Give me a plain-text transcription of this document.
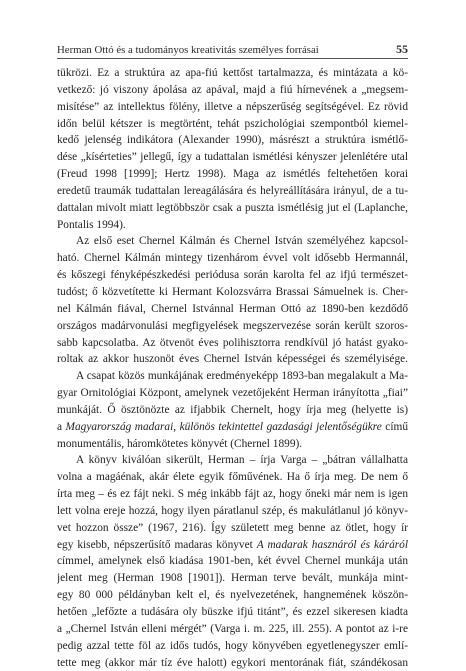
Herman Ottó és a tudományos kreativitás személyes forrásai	55
tükrözi. Ez a struktúra az apa-fiú kettőst tartalmazza, és mintázata a kö-
vetkező: jó viszony ápolása az apával, majd a fiú hírnevének a „megsem-
misítése” az intellektus fölény, illetve a népszerűség segítségével. Ez rövid
időn belül kétszer is megtörtént, tehát pszichológiai szempontból kiemel-
kedő jelenség indikátora (Alexander 1990), másrészt a struktúra ismétlő-
dése „kísérteties” jellegű, így a tudattalan ismétlési kényszer jelenlétére utal
(Freud 1998 [1999]; Hertz 1998). Maga az ismétlés feltehetően korai
eredetű traumák tudattalan lereagálására és helyreállítására irányul, de a tu-
dattalan mivolt miatt legtöbbször csak a puszta ismétlésig jut el (Laplanche,
Pontalis 1994).
Az első eset Chernel Kálmán és Chernel István személyéhez kapcsol-
ható. Chernel Kálmán mintegy tizenhárom évvel volt idősebb Hermannál,
és kőszegi fényképészkedési periódusa során karolta fel az ifjú természet-
tudóst; ő közvetítette ki Hermant Kolozsvárra Brassai Sámuelnek is. Cher-
nel Kálmán fiával, Chernel Istvánnal Herman Ottó az 1890-ben kezdődő
országos madárvonulási megfigyelések megszervezése során került szoros-
sabb kapcsolatba. Az ötvenöt éves polihisztorra rendkívül jó hatást gyako-
roltak az akkor huszonöt éves Chernel István képességei és személyisége.
A csapat közös munkájának eredményeképp 1893-ban megalakult a Ma-
gyar Ornitológiai Központ, amelynek vezetőjeként Herman irányította „fiai”
munkáját. Ő ösztönözte az ifjabbik Chernelt, hogy írja meg (helyette is)
a Magyarország madarai, különös tekintettel gazdasági jelentőségükre című
monumentális, háromkötetes könyvét (Chernel 1899).
A könyv kiválóan sikerült, Herman – írja Varga – „bátran vállalhatta
volna a magáénak, akár élete egyik főművének. Ha ő írja meg. De nem ő
írta meg – és ez fájt neki. S még inkább fájt az, hogy őneki már nem is igen
lett volna ereje hozzá, hogy ilyen páratlanul szép, és makulátlanul jó könyv-
vet hozzon össze” (1967, 216). Így született meg benne az ötlet, hogy ír
egy kisebb, népszerűsítő madaras könyvet A madarak hasznáról és káráról
címmel, amelynek első kiadása 1901-ben, két évvel Chernel munkája után
jelent meg (Herman 1908 [1901]). Herman terve bevált, munkája mint-
egy 80 000 példányban kelt el, és nyelvezetének, hangnemének köszön-
hetően „lefőzte a tudására oly büszke ifjú titánt”, és ezzel sikeresen kiadta
a „Chernel István elleni mérgét” (Varga i. m. 225, ill. 255). A pontot az i-re
pedig azzal tette föl az idős tudós, hogy könyvében egyetlenegyszer emlí-
tette meg (akkor már tíz éve halott) egykori mentorának fiát, szándékosan
